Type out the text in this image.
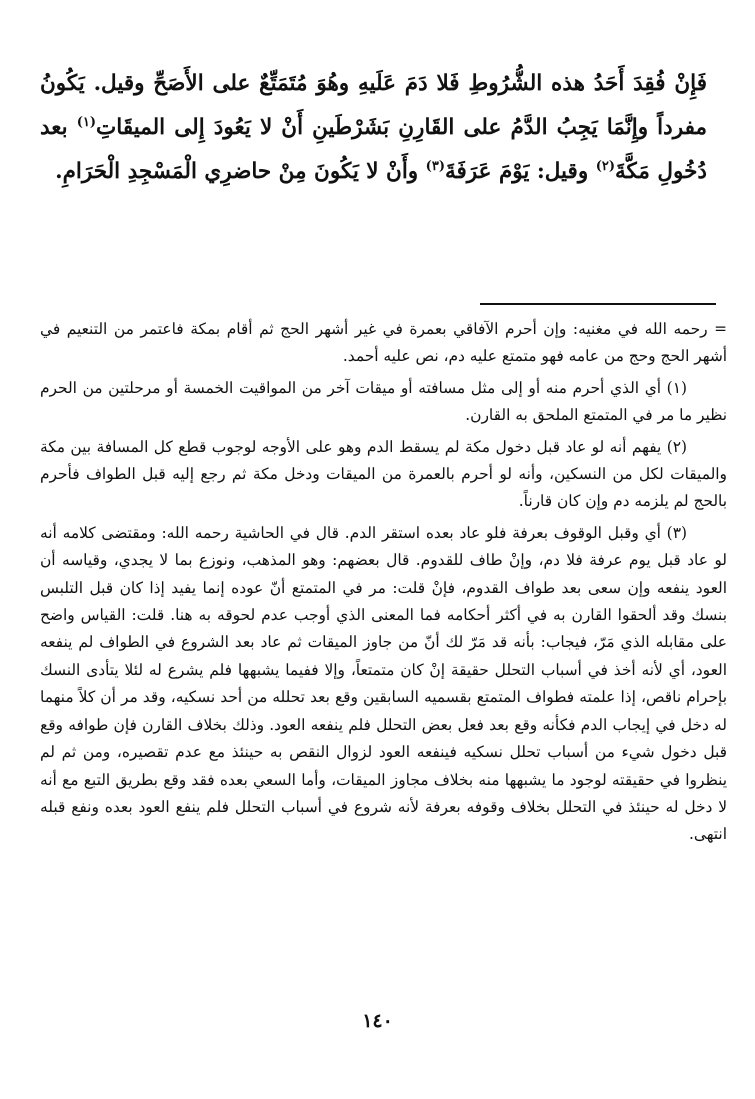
فَإِنْ فُقِدَ أَحَدُ هذه الشُّرُوطِ فَلا دَمَ عَلَيهِ وهُوَ مُتَمَتِّعٌ على الأَصَحِّ وقيل. يَكُونُ مفرداً وإِنَّمَا يَجِبُ الدَّمُ على القَارِنِ بَشَرْطَينِ أَنْ لا يَعُودَ إِلى الميقَاتِ$^{(١)}$ بعد دُخُولِ مَكَّةَ$^{(٢)}$ وقيل: يَوْمَ عَرَفَةَ$^{(٣)}$ وأَنْ لا يَكُونَ مِنْ حاضرِي الْمَسْجِدِ الْحَرَامِ.

= رحمه الله في مغنيه: وإن أحرم الآفاقي بعمرة في غير أشهر الحج ثم أقام بمكة فاعتمر من التنعيم في أشهر الحج وحج من عامه فهو متمتع عليه دم، نص عليه أحمد.

(١) أي الذي أحرم منه أو إلى مثل مسافته أو ميقات آخر من المواقيت الخمسة أو مرحلتين من الحرم نظير ما مر في المتمتع الملحق به القارن.

(٢) يفهم أنه لو عاد قبل دخول مكة لم يسقط الدم وهو على الأوجه لوجوب قطع كل المسافة بين مكة والميقات لكل من النسكين، وأنه لو أحرم بالعمرة من الميقات ودخل مكة ثم رجع إليه قبل الطواف فأحرم بالحج لم يلزمه دم وإن كان قارناً.

(٣) أي وقبل الوقوف بعرفة فلو عاد بعده استقر الدم. قال في الحاشية رحمه الله: ومقتضى كلامه أنه لو عاد قبل يوم عرفة فلا دم، وإنْ طاف للقدوم. قال بعضهم: وهو المذهب، ونوزع بما لا يجدي، وقياسه أن العود ينفعه وإن سعى بعد طواف القدوم، فإنْ قلت: مر في المتمتع أنّ عوده إنما يفيد إذا كان قبل التلبس بنسك وقد ألحقوا القارن به في أكثر أحكامه فما المعنى الذي أوجب عدم لحوقه به هنا. قلت: القياس واضح على مقابله الذي مَرّ، فيجاب: بأنه قد مَرّ لك أنّ من جاوز الميقات ثم عاد بعد الشروع في الطواف لم ينفعه العود، أي لأنه أخذ في أسباب التحلل حقيقة إنْ كان متمتعاً، وإلا ففيما يشبهها فلم يشرع له لئلا يتأدى النسك بإحرام ناقص، إذا علمته فطواف المتمتع بقسميه السابقين وقع بعد تحلله من أحد نسكيه، وقد مر أن كلاً منهما له دخل في إيجاب الدم فكأنه وقع بعد فعل بعض التحلل فلم ينفعه العود. وذلك بخلاف القارن فإن طوافه وقع قبل دخول شيء من أسباب تحلل نسكيه فينفعه العود لزوال النقص به حينئذ مع عدم تقصيره، ومن ثم لم ينظروا في حقيقته لوجود ما يشبهها منه بخلاف مجاوز الميقات، وأما السعي بعده فقد وقع بطريق التبع مع أنه لا دخل له حينئذ في التحلل بخلاف وقوفه بعرفة لأنه شروع في أسباب التحلل فلم ينفع العود بعده ونفع قبله انتهى.

١٤٠
